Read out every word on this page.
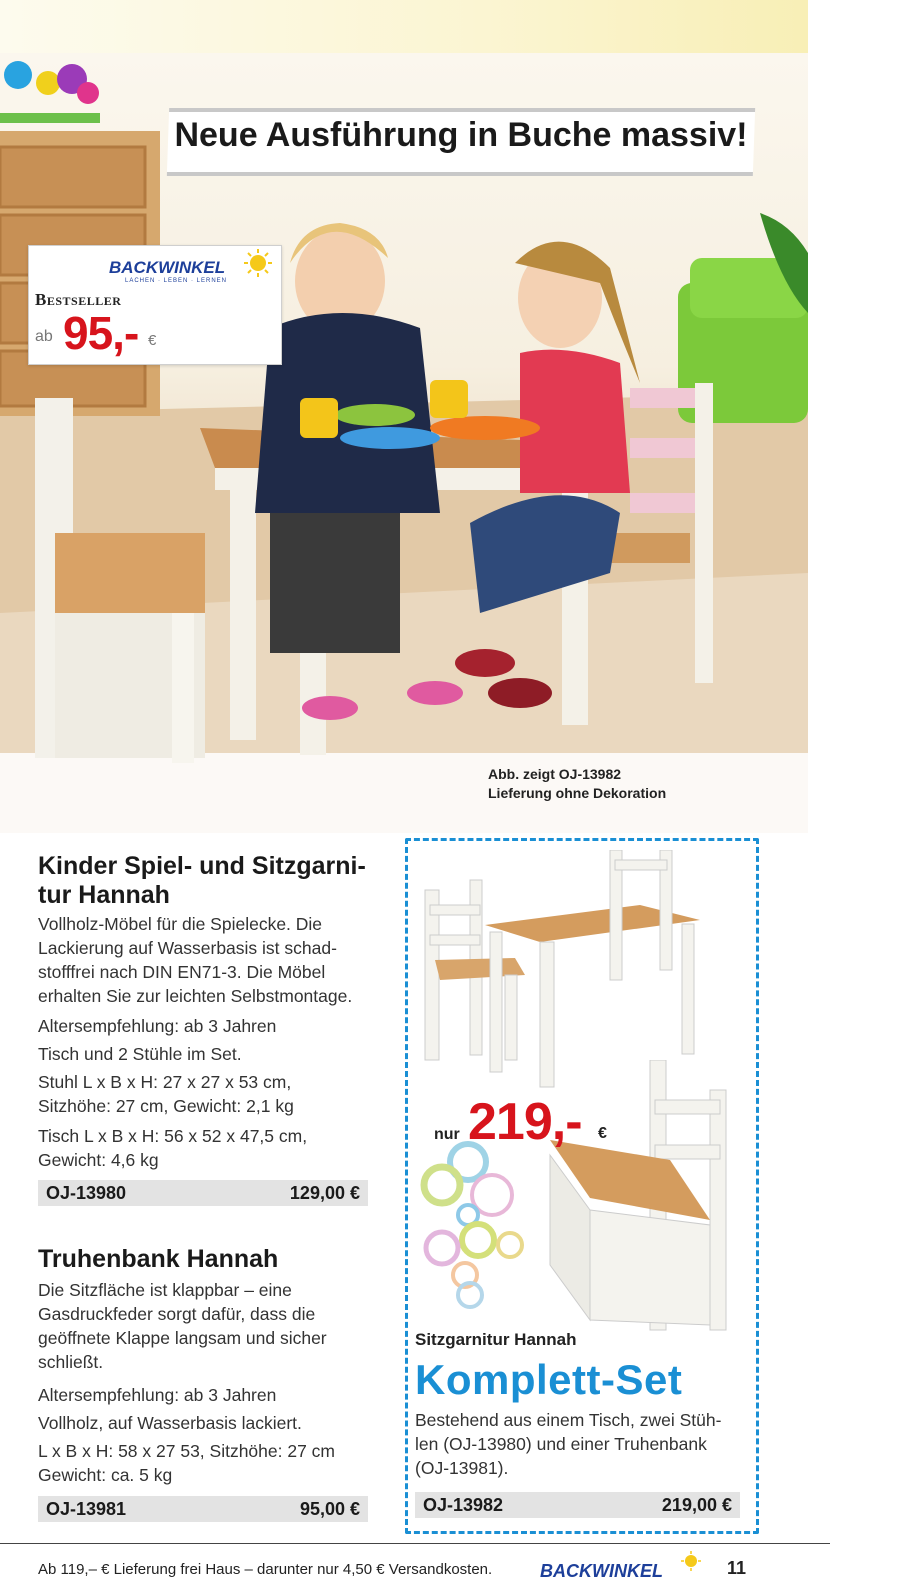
Neue Ausführung in Buche massiv!
BACKWINKEL
LACHEN · LEBEN · LERNEN
Bestseller
ab 95,- €
Abb. zeigt OJ-13982
Lieferung ohne Dekoration
Kinder Spiel- und Sitzgarni-
tur Hannah
Vollholz-Möbel für die Spielecke. Die
Lackierung auf Wasserbasis ist schad-
stofffrei nach DIN EN71-3. Die Möbel
erhalten Sie zur leichten Selbstmontage.
Altersempfehlung: ab 3 Jahren
Tisch und 2 Stühle im Set.
Stuhl L x B x H: 27 x 27 x 53 cm,
Sitzhöhe: 27 cm, Gewicht: 2,1 kg
Tisch L x B x H: 56 x 52 x 47,5 cm,
Gewicht: 4,6 kg
OJ-13980	129,00 €
Truhenbank Hannah
Die Sitzfläche ist klappbar – eine
Gasdruckfeder sorgt dafür, dass die
geöffnete Klappe langsam und sicher
schließt.
Altersempfehlung: ab 3 Jahren
Vollholz, auf Wasserbasis lackiert.
L x B x H: 58 x 27 53, Sitzhöhe: 27 cm
Gewicht: ca. 5 kg
OJ-13981	95,00 €
nur 219,- €
Sitzgarnitur Hannah
Komplett-Set
Bestehend aus einem Tisch, zwei Stüh-
len (OJ-13980) und einer Truhenbank
(OJ-13981).
OJ-13982	219,00 €
Ab 119,– € Lieferung frei Haus – darunter nur 4,50 € Versandkosten.	BACKWINKEL	11
